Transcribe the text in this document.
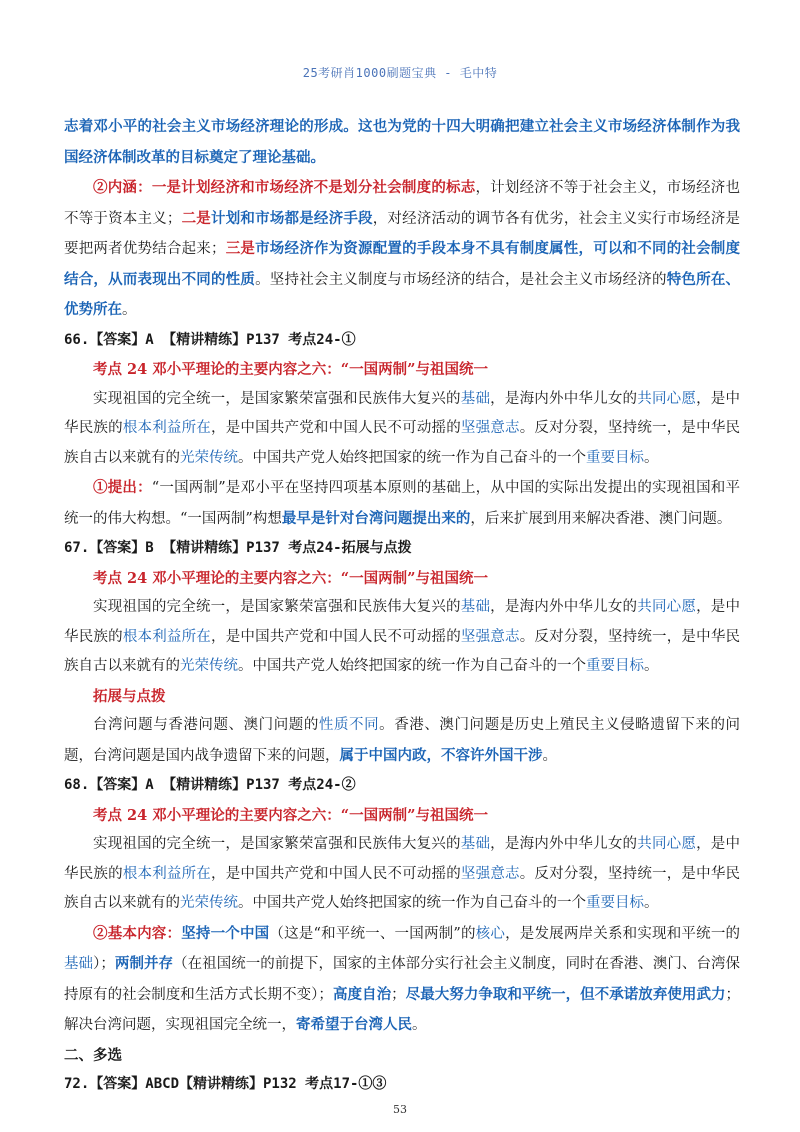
25考研肖1000刷题宝典 - 毛中特

志着邓小平的社会主义市场经济理论的形成。这也为党的十四大明确把建立社会主义市场经济体制作为我国经济体制改革的目标奠定了理论基础。

②内涵：一是计划经济和市场经济不是划分社会制度的标志，计划经济不等于社会主义，市场经济也不等于资本主义；二是计划和市场都是经济手段，对经济活动的调节各有优劣，社会主义实行市场经济是要把两者优势结合起来；三是市场经济作为资源配置的手段本身不具有制度属性，可以和不同的社会制度结合，从而表现出不同的性质。坚持社会主义制度与市场经济的结合，是社会主义市场经济的特色所在、优势所在。

66.【答案】A 【精讲精练】P137 考点24-①

考点 24 邓小平理论的主要内容之六：“一国两制”与祖国统一

实现祖国的完全统一，是国家繁荣富强和民族伟大复兴的基础，是海内外中华儿女的共同心愿，是中华民族的根本利益所在，是中国共产党和中国人民不可动摇的坚强意志。反对分裂，坚持统一，是中华民族自古以来就有的光荣传统。中国共产党人始终把国家的统一作为自己奋斗的一个重要目标。

①提出：“一国两制”是邓小平在坚持四项基本原则的基础上，从中国的实际出发提出的实现祖国和平统一的伟大构想。“一国两制”构想最早是针对台湾问题提出来的，后来扩展到用来解决香港、澳门问题。

67.【答案】B 【精讲精练】P137 考点24-拓展与点拨

考点 24 邓小平理论的主要内容之六：“一国两制”与祖国统一

实现祖国的完全统一，是国家繁荣富强和民族伟大复兴的基础，是海内外中华儿女的共同心愿，是中华民族的根本利益所在，是中国共产党和中国人民不可动摇的坚强意志。反对分裂，坚持统一，是中华民族自古以来就有的光荣传统。中国共产党人始终把国家的统一作为自己奋斗的一个重要目标。

拓展与点拨

台湾问题与香港问题、澳门问题的性质不同。香港、澳门问题是历史上殖民主义侵略遗留下来的问题，台湾问题是国内战争遗留下来的问题，属于中国内政，不容许外国干涉。

68.【答案】A 【精讲精练】P137 考点24-②

考点 24 邓小平理论的主要内容之六：“一国两制”与祖国统一

实现祖国的完全统一，是国家繁荣富强和民族伟大复兴的基础，是海内外中华儿女的共同心愿，是中华民族的根本利益所在，是中国共产党和中国人民不可动摇的坚强意志。反对分裂，坚持统一，是中华民族自古以来就有的光荣传统。中国共产党人始终把国家的统一作为自己奋斗的一个重要目标。

②基本内容：坚持一个中国（这是“和平统一、一国两制”的核心，是发展两岸关系和实现和平统一的基础）；两制并存（在祖国统一的前提下，国家的主体部分实行社会主义制度，同时在香港、澳门、台湾保持原有的社会制度和生活方式长期不变）；高度自治；尽最大努力争取和平统一，但不承诺放弃使用武力；解决台湾问题，实现祖国完全统一，寄希望于台湾人民。

二、多选

72.【答案】ABCD【精讲精练】P132 考点17-①③

53
